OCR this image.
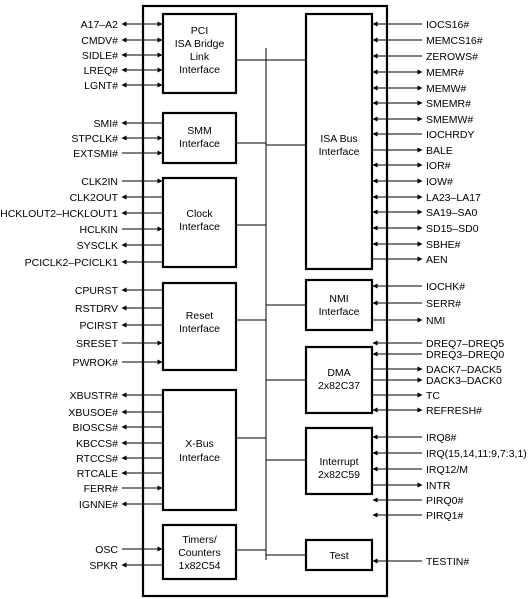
PCI
ISA Bridge
Link
Interface
SMM
Interface
Clock
Interface
Reset
Interface
X-Bus
Interface
Timers/
Counters
1x82C54
ISA Bus
Interface
NMI
Interface
DMA
2x82C37
Interrupt
2x82C59
Test
A17–A2
CMDV#
SIDLE#
LREQ#
LGNT#
SMI#
STPCLK#
EXTSMI#
CLK2IN
CLK2OUT
HCKLOUT2–HCKLOUT1
HCLKIN
SYSCLK
PCICLK2–PCICLK1
CPURST
RSTDRV
PCIRST
SRESET
PWROK#
XBUSTR#
XBUSOE#
BIOSCS#
KBCCS#
RTCCS#
RTCALE
FERR#
IGNNE#
OSC
SPKR
IOCS16#
MEMCS16#
ZEROWS#
MEMR#
MEMW#
SMEMR#
SMEMW#
IOCHRDY
BALE
IOR#
IOW#
LA23–LA17
SA19–SA0
SD15–SD0
SBHE#
AEN
IOCHK#
SERR#
NMI
DREQ7–DREQ5
DREQ3–DREQ0
DACK7–DACK5
DACK3–DACK0
TC
REFRESH#
IRQ8#
IRQ(15,14,11:9,7:3,1)
IRQ12/M
INTR
PIRQ0#
PIRQ1#
TESTIN#
